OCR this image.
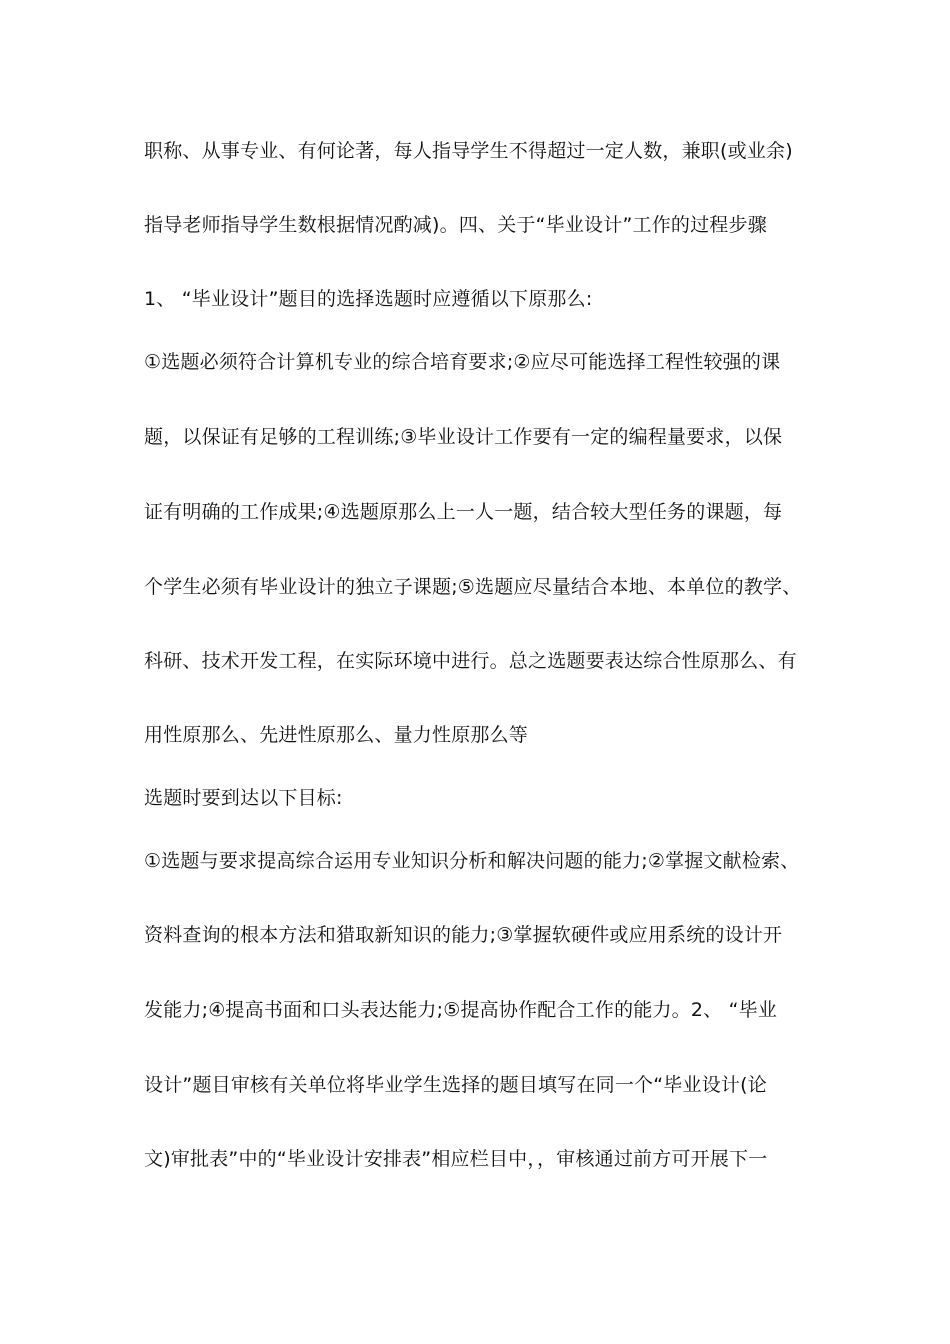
职称、从事专业、有何论著，每人指导学生不得超过一定人数，兼职(或业余)
指导老师指导学生数根据情况酌减)。四、关于“毕业设计”工作的过程步骤
1、 “毕业设计”题目的选择选题时应遵循以下原那么:
①选题必须符合计算机专业的综合培育要求;②应尽可能选择工程性较强的课
题，以保证有足够的工程训练;③毕业设计工作要有一定的编程量要求，以保
证有明确的工作成果;④选题原那么上一人一题，结合较大型任务的课题，每
个学生必须有毕业设计的独立子课题;⑤选题应尽量结合本地、本单位的教学、
科研、技术开发工程，在实际环境中进行。总之选题要表达综合性原那么、有
用性原那么、先进性原那么、量力性原那么等
选题时要到达以下目标:
①选题与要求提高综合运用专业知识分析和解决问题的能力;②掌握文献检索、
资料查询的根本方法和猎取新知识的能力;③掌握软硬件或应用系统的设计开
发能力;④提高书面和口头表达能力;⑤提高协作配合工作的能力。2、 “毕业
设计”题目审核有关单位将毕业学生选择的题目填写在同一个“毕业设计(论
文)审批表”中的“毕业设计安排表”相应栏目中，，审核通过前方可开展下一
